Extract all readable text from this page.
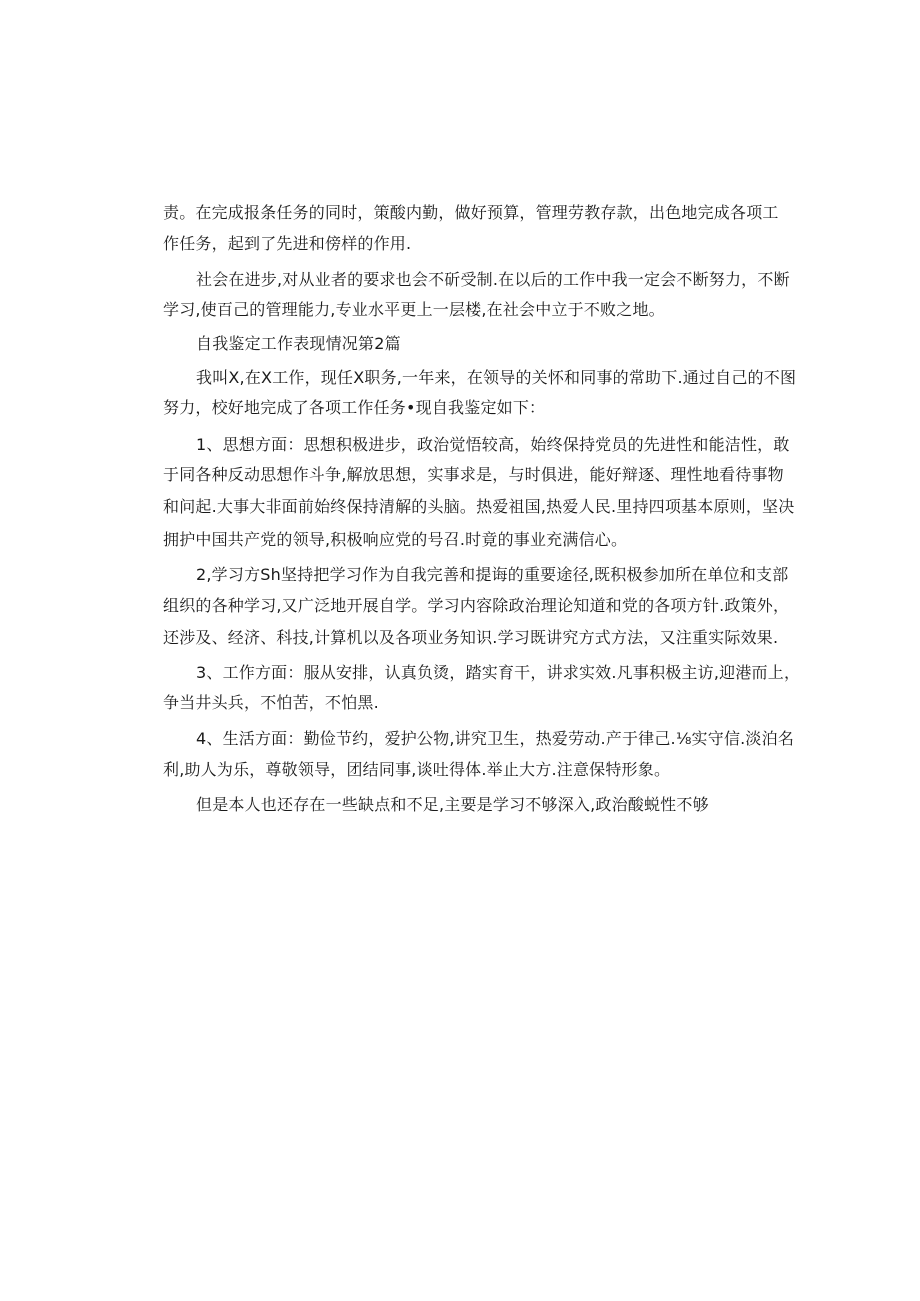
责。在完成报条任务的同时，策酸内勤，做好预算，管理劳教存款，出色地完成各项工
作任务，起到了先进和傍样的作用.
社会在进步,对从业者的要求也会不斫受制.在以后的工作中我一定会不断努力，不断
学习,使百己的管理能力,专业水平更上一层楼,在社会中立于不败之地。
自我鉴定工作表现情况第2篇
我叫X,在X工作，现任X职务,一年来，在领导的关怀和同事的常助下.通过自己的不图
努力，校好地完成了各项工作任务•现自我鉴定如下：
1、思想方面：思想积极进步，政治觉悟较高，始终保持党员的先进性和能洁性，敢
于同各种反动思想作斗争,解放思想，实事求是，与时俱进，能好辩逐、理性地看待事物
和问起.大事大非面前始终保持清解的头脑。热爱祖国,热爱人民.里持四项基本原则，坚决
拥护中国共产党的领导,积极响应党的号召.时竟的事业充满信心。
2,学习方Sh坚持把学习作为自我完善和提诲的重要途径,既积极参加所在单位和支部
组织的各种学习,又广泛地开展自学。学习内容除政治理论知道和党的各项方针.政策外，
还涉及、经济、科技,计算机以及各项业务知识.学习既讲究方式方法，又注重实际效果.
3、工作方面：服从安排，认真负烫，踏实育干，讲求实效.凡事积极主访,迎港而上，
争当井头兵，不怕苦，不怕黑.
4、生活方面：勤俭节约，爱护公物,讲究卫生，热爱劳动.产于律己.⅛实守信.淡泊名
利,助人为乐，尊敬领导，团结同事,谈吐得体.举止大方.注意保特形象。
但是本人也还存在一些缺点和不足,主要是学习不够深入,政治酸蜕性不够
